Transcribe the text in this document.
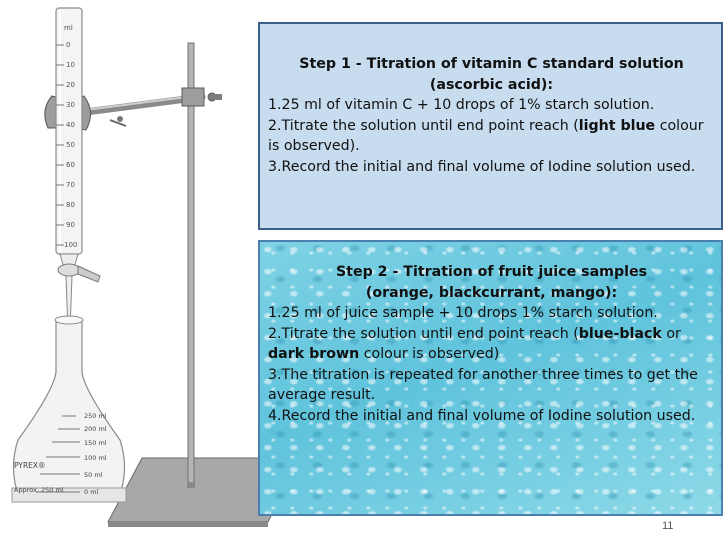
ml
0
10
20
30
40
50
60
70
80
90
100
250 ml
200 ml
150 ml
100 ml
50 ml
0 ml
PYREX®
Approx. 250 ml
Step 1 - Titration of vitamin C standard solution (ascorbic acid):

1.25 ml of vitamin C + 10 drops of 1% starch solution.

2.Titrate the solution until end point reach (light blue colour is observed).

3.Record the initial and final volume of Iodine solution used.

Step 2 - Titration of fruit juice samples
(orange, blackcurrant, mango):

1.25 ml of juice sample + 10 drops 1% starch solution.

2.Titrate the solution until end point reach (blue-black or dark brown colour is observed)

3.The titration is repeated for another three times to get the average result.

4.Record the initial and final volume of Iodine solution used.

11
